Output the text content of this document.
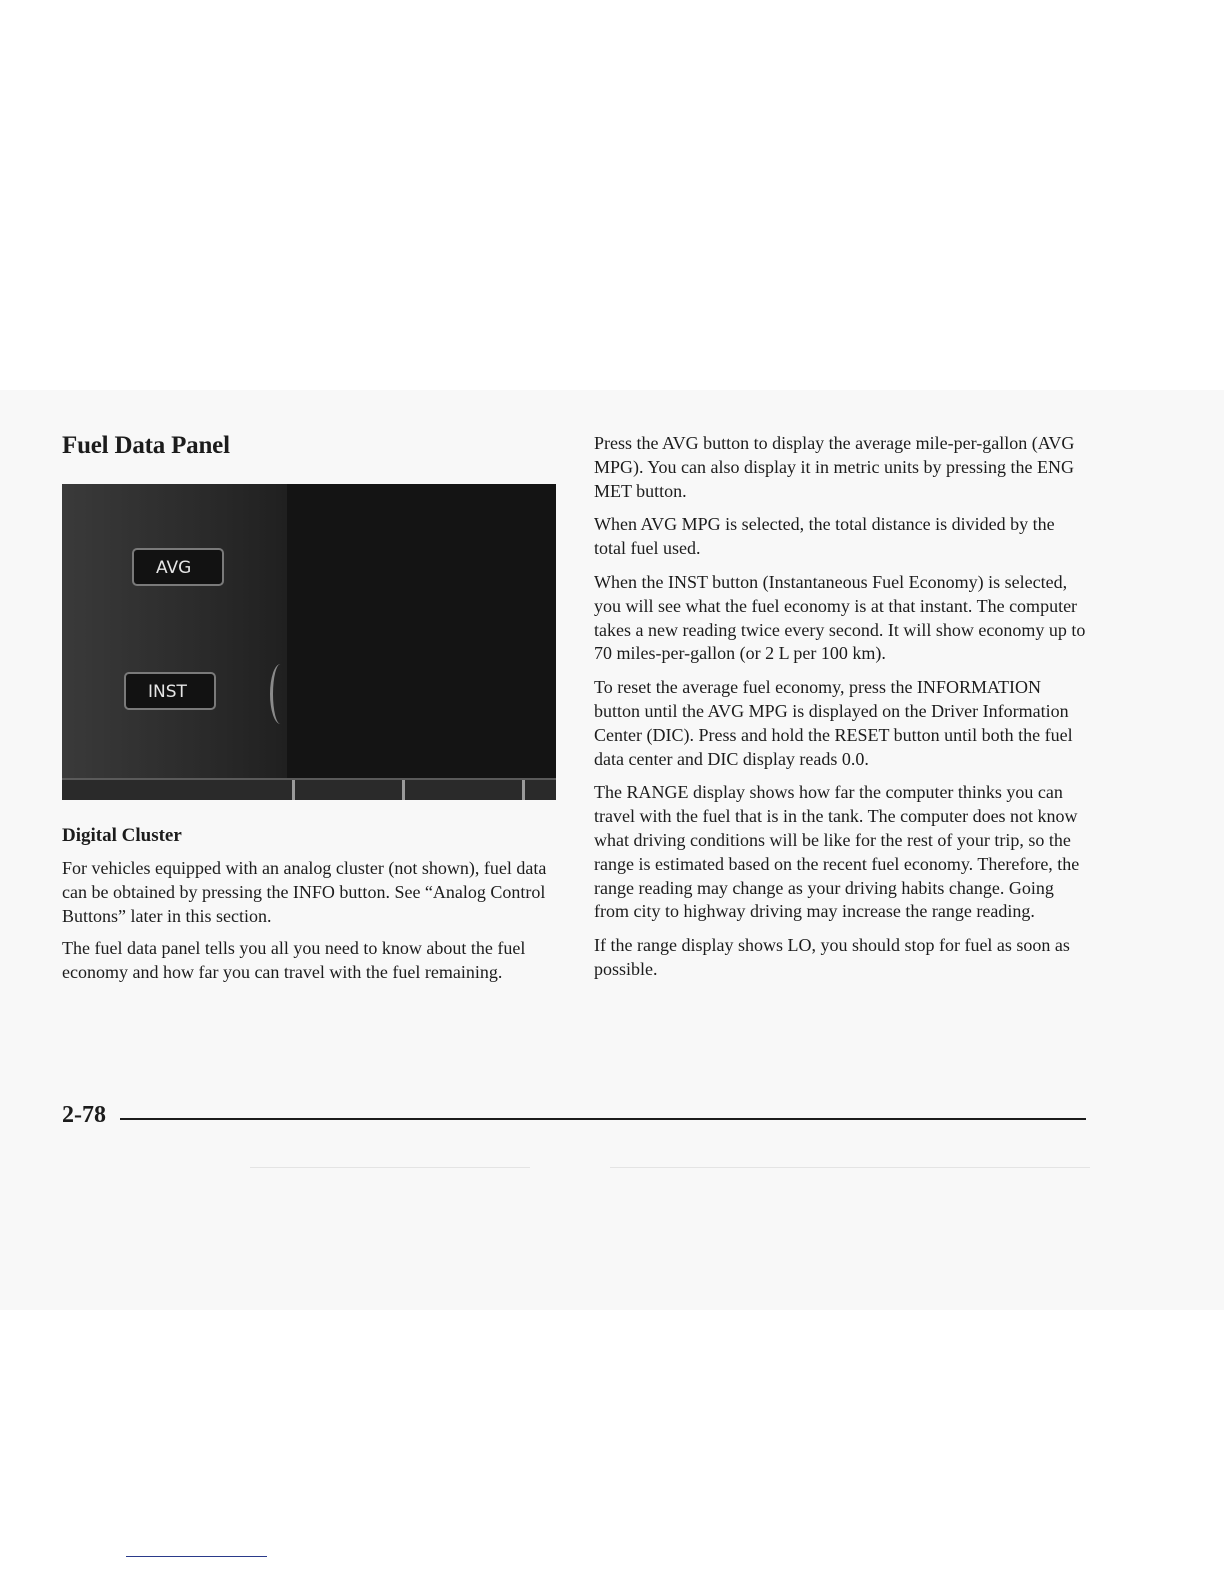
Fuel Data Panel
AVG
INST
Digital Cluster

For vehicles equipped with an analog cluster (not shown), fuel data can be obtained by pressing the INFO button. See “Analog Control Buttons” later in this section.

The fuel data panel tells you all you need to know about the fuel economy and how far you can travel with the fuel remaining.

Press the AVG button to display the average mile-per-gallon (AVG MPG). You can also display it in metric units by pressing the ENG MET button.

When AVG MPG is selected, the total distance is divided by the total fuel used.

When the INST button (Instantaneous Fuel Economy) is selected, you will see what the fuel economy is at that instant. The computer takes a new reading twice every second. It will show economy up to 70 miles-per-gallon (or 2 L per 100 km).

To reset the average fuel economy, press the INFORMATION button until the AVG MPG is displayed on the Driver Information Center (DIC). Press and hold the RESET button until both the fuel data center and DIC display reads 0.0.

The RANGE display shows how far the computer thinks you can travel with the fuel that is in the tank. The computer does not know what driving conditions will be like for the rest of your trip, so the range is estimated based on the recent fuel economy. Therefore, the range reading may change as your driving habits change. Going from city to highway driving may increase the range reading.

If the range display shows LO, you should stop for fuel as soon as possible.

2-78
